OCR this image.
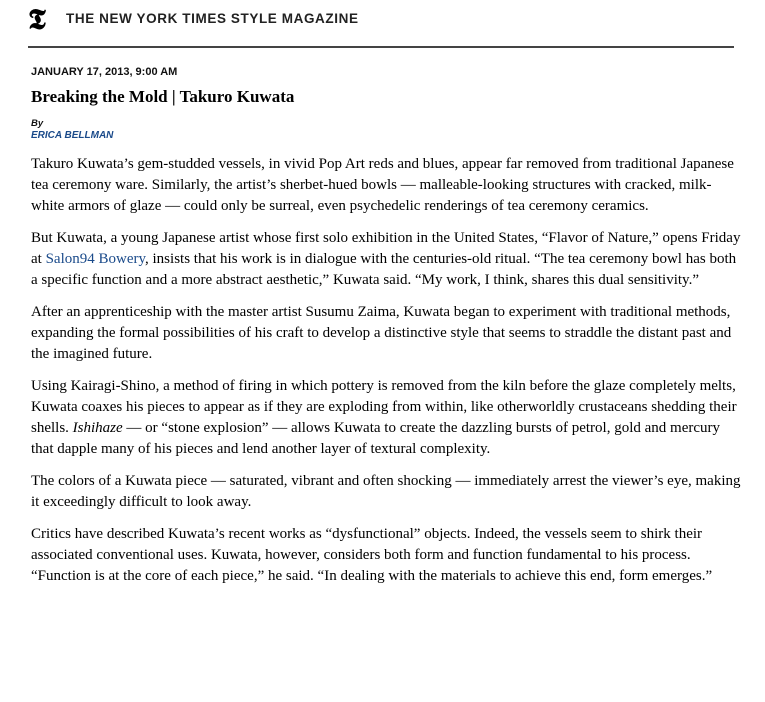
𝕿	THE NEW YORK TIMES STYLE MAGAZINE
JANUARY 17, 2013, 9:00 AM
Breaking the Mold | Takuro Kuwata
By
ERICA BELLMAN

Takuro Kuwata’s gem-studded vessels, in vivid Pop Art reds and blues, appear far removed from traditional Japanese tea ceremony ware. Similarly, the artist’s sherbet-hued bowls — malleable-looking structures with cracked, milk-white armors of glaze — could only be surreal, even psychedelic renderings of tea ceremony ceramics.

But Kuwata, a young Japanese artist whose first solo exhibition in the United States, “Flavor of Nature,” opens Friday at Salon94 Bowery, insists that his work is in dialogue with the centuries-old ritual. “The tea ceremony bowl has both a specific function and a more abstract aesthetic,” Kuwata said. “My work, I think, shares this dual sensitivity.”

After an apprenticeship with the master artist Susumu Zaima, Kuwata began to experiment with traditional methods, expanding the formal possibilities of his craft to develop a distinctive style that seems to straddle the distant past and the imagined future.

Using Kairagi-Shino, a method of firing in which pottery is removed from the kiln before the glaze completely melts, Kuwata coaxes his pieces to appear as if they are exploding from within, like otherworldly crustaceans shedding their shells. Ishihaze — or “stone explosion” — allows Kuwata to create the dazzling bursts of petrol, gold and mercury that dapple many of his pieces and lend another layer of textural complexity.

The colors of a Kuwata piece — saturated, vibrant and often shocking — immediately arrest the viewer’s eye, making it exceedingly difficult to look away.

Critics have described Kuwata’s recent works as “dysfunctional” objects. Indeed, the vessels seem to shirk their associated conventional uses. Kuwata, however, considers both form and function fundamental to his process. “Function is at the core of each piece,” he said. “In dealing with the materials to achieve this end, form emerges.”
